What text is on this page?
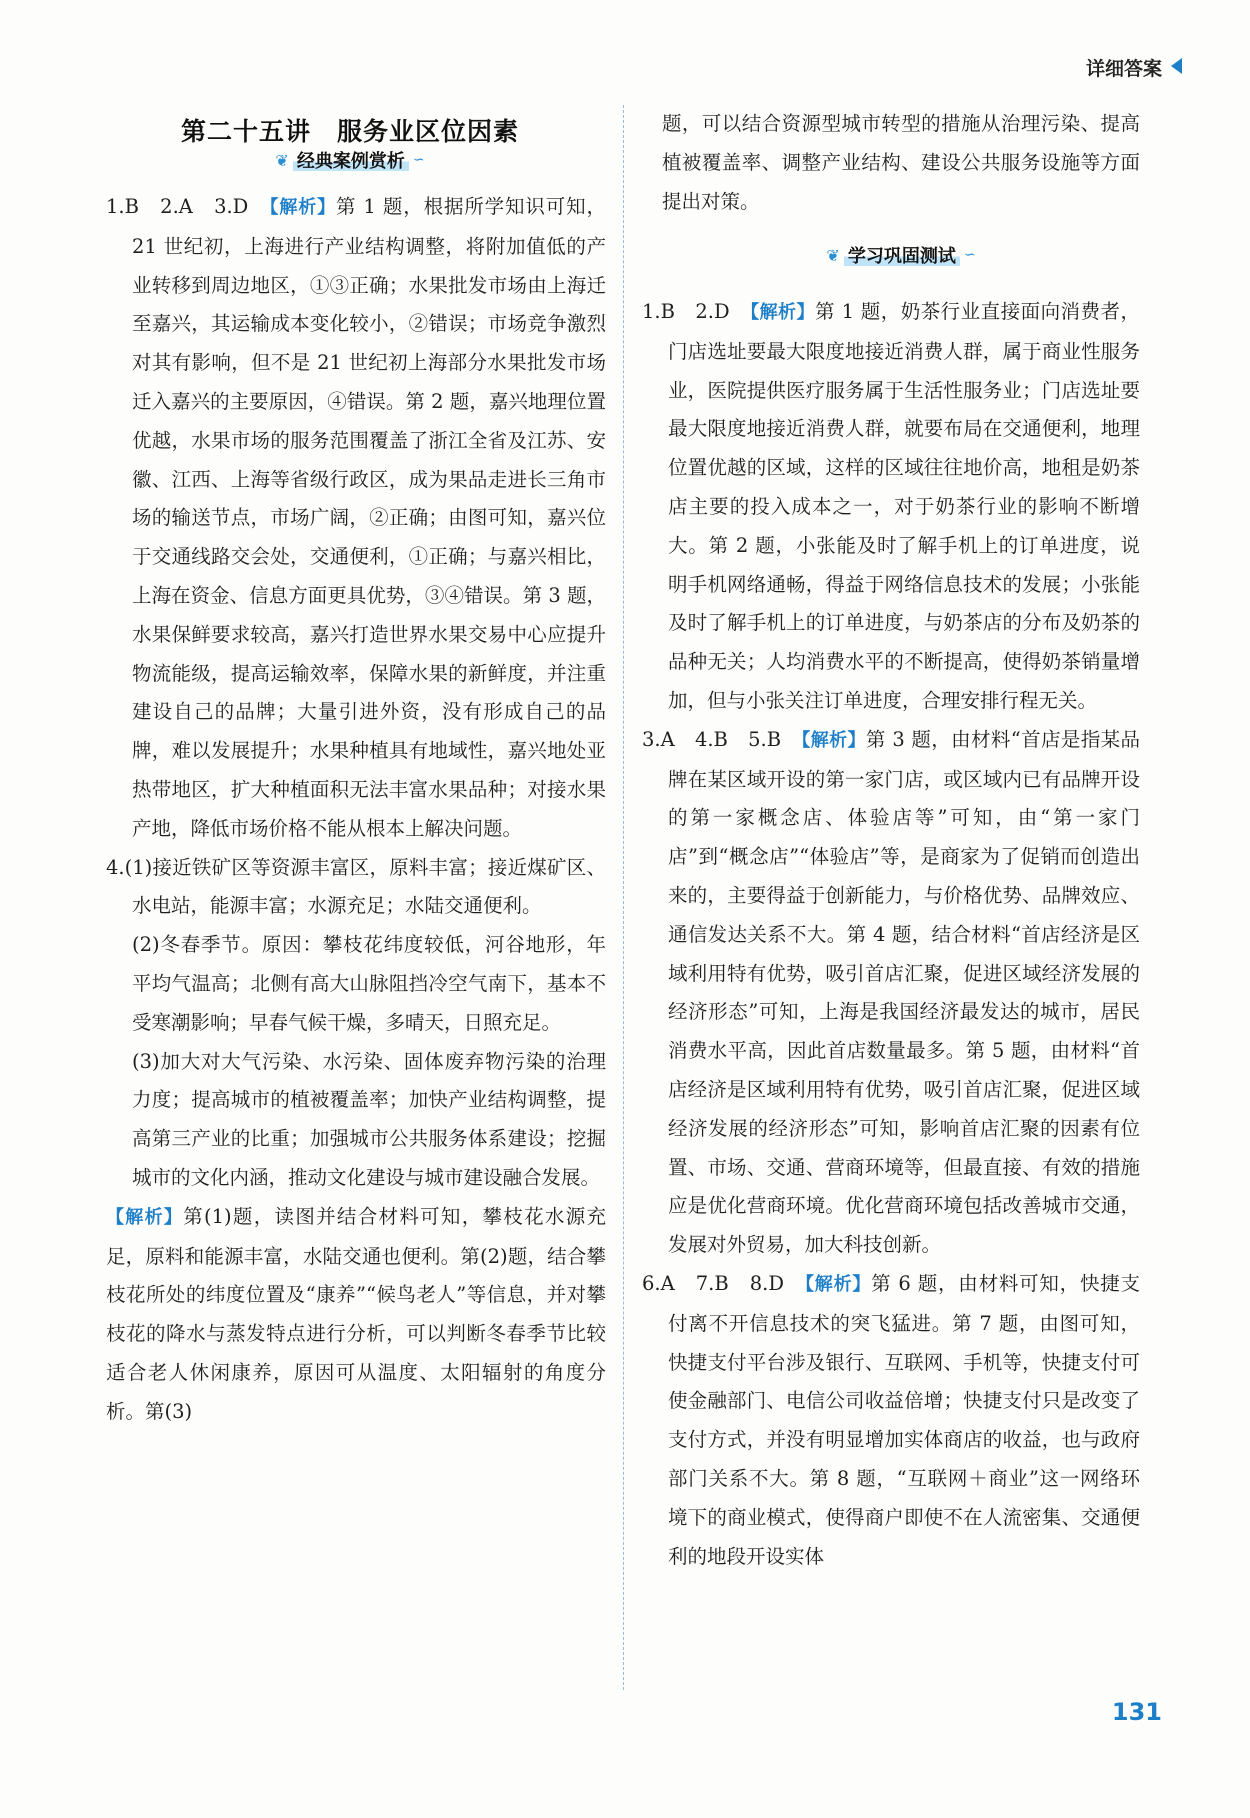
详细答案
第二十五讲　服务业区位因素
❦ 经典案例赏析 ∽

1.B　2.A　3.D　【解析】第 1 题，根据所学知识可知，21 世纪初，上海进行产业结构调整，将附加值低的产业转移到周边地区，①③正确；水果批发市场由上海迁至嘉兴，其运输成本变化较小，②错误；市场竞争激烈对其有影响，但不是 21 世纪初上海部分水果批发市场迁入嘉兴的主要原因，④错误。第 2 题，嘉兴地理位置优越，水果市场的服务范围覆盖了浙江全省及江苏、安徽、江西、上海等省级行政区，成为果品走进长三角市场的输送节点，市场广阔，②正确；由图可知，嘉兴位于交通线路交会处，交通便利，①正确；与嘉兴相比，上海在资金、信息方面更具优势，③④错误。第 3 题，水果保鲜要求较高，嘉兴打造世界水果交易中心应提升物流能级，提高运输效率，保障水果的新鲜度，并注重建设自己的品牌；大量引进外资，没有形成自己的品牌，难以发展提升；水果种植具有地域性，嘉兴地处亚热带地区，扩大种植面积无法丰富水果品种；对接水果产地，降低市场价格不能从根本上解决问题。

4.(1)接近铁矿区等资源丰富区，原料丰富；接近煤矿区、水电站，能源丰富；水源充足；水陆交通便利。

(2)冬春季节。原因：攀枝花纬度较低，河谷地形，年平均气温高；北侧有高大山脉阻挡冷空气南下，基本不受寒潮影响；早春气候干燥，多晴天，日照充足。

(3)加大对大气污染、水污染、固体废弃物污染的治理力度；提高城市的植被覆盖率；加快产业结构调整，提高第三产业的比重；加强城市公共服务体系建设；挖掘城市的文化内涵，推动文化建设与城市建设融合发展。

【解析】第(1)题，读图并结合材料可知，攀枝花水源充足，原料和能源丰富，水陆交通也便利。第(2)题，结合攀枝花所处的纬度位置及“康养”“候鸟老人”等信息，并对攀枝花的降水与蒸发特点进行分析，可以判断冬春季节比较适合老人休闲康养，原因可从温度、太阳辐射的角度分析。第(3)

题，可以结合资源型城市转型的措施从治理污染、提高植被覆盖率、调整产业结构、建设公共服务设施等方面提出对策。

❦ 学习巩固测试 ∽

1.B　2.D　【解析】第 1 题，奶茶行业直接面向消费者，门店选址要最大限度地接近消费人群，属于商业性服务业，医院提供医疗服务属于生活性服务业；门店选址要最大限度地接近消费人群，就要布局在交通便利，地理位置优越的区域，这样的区域往往地价高，地租是奶茶店主要的投入成本之一，对于奶茶行业的影响不断增大。第 2 题，小张能及时了解手机上的订单进度，说明手机网络通畅，得益于网络信息技术的发展；小张能及时了解手机上的订单进度，与奶茶店的分布及奶茶的品种无关；人均消费水平的不断提高，使得奶茶销量增加，但与小张关注订单进度，合理安排行程无关。

3.A　4.B　5.B　【解析】第 3 题，由材料“首店是指某品牌在某区域开设的第一家门店，或区域内已有品牌开设的第一家概念店、体验店等”可知，由“第一家门店”到“概念店”“体验店”等，是商家为了促销而创造出来的，主要得益于创新能力，与价格优势、品牌效应、通信发达关系不大。第 4 题，结合材料“首店经济是区域利用特有优势，吸引首店汇聚，促进区域经济发展的经济形态”可知，上海是我国经济最发达的城市，居民消费水平高，因此首店数量最多。第 5 题，由材料“首店经济是区域利用特有优势，吸引首店汇聚，促进区域经济发展的经济形态”可知，影响首店汇聚的因素有位置、市场、交通、营商环境等，但最直接、有效的措施应是优化营商环境。优化营商环境包括改善城市交通，发展对外贸易，加大科技创新。

6.A　7.B　8.D　【解析】第 6 题，由材料可知，快捷支付离不开信息技术的突飞猛进。第 7 题，由图可知，快捷支付平台涉及银行、互联网、手机等，快捷支付可使金融部门、电信公司收益倍增；快捷支付只是改变了支付方式，并没有明显增加实体商店的收益，也与政府部门关系不大。第 8 题，“互联网＋商业”这一网络环境下的商业模式，使得商户即使不在人流密集、交通便利的地段开设实体

131
